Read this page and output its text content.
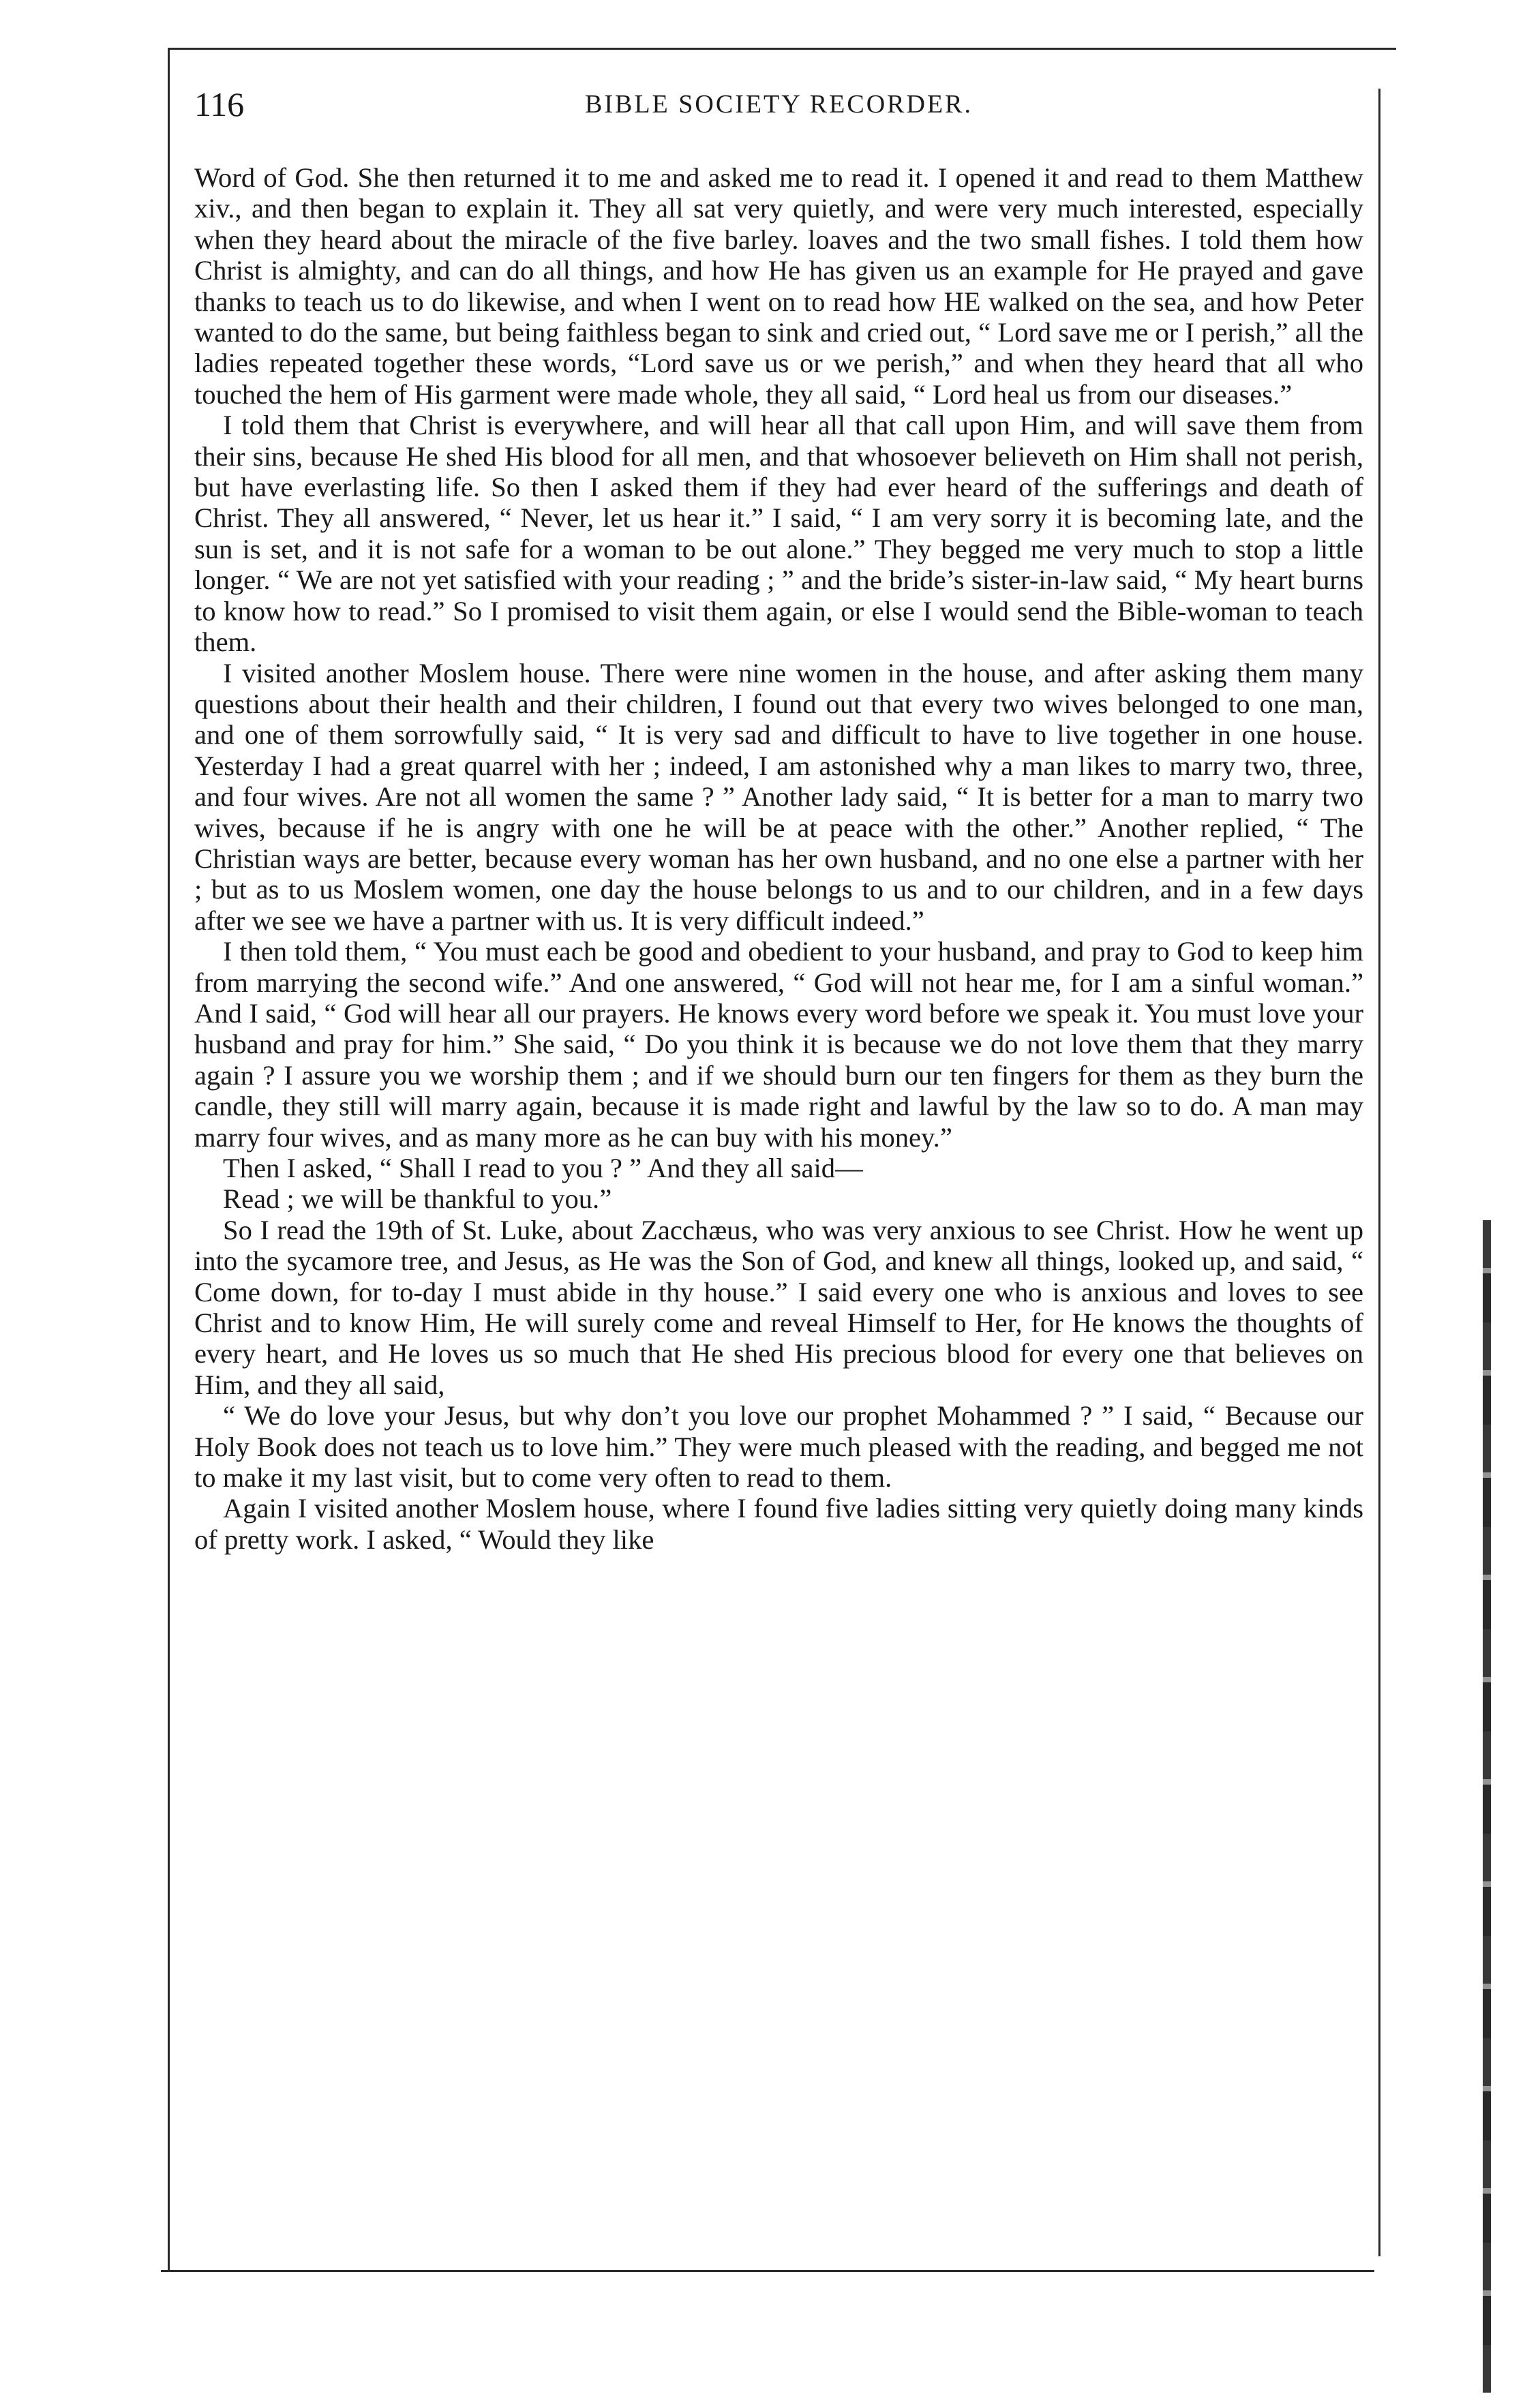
116	BIBLE SOCIETY RECORDER.

Word of God. She then returned it to me and asked me to read it. I opened it and read to them Matthew xiv., and then began to explain it. They all sat very quietly, and were very much interested, especially when they heard about the miracle of the five barley. loaves and the two small fishes. I told them how Christ is almighty, and can do all things, and how He has given us an example for He prayed and gave thanks to teach us to do likewise, and when I went on to read how HE walked on the sea, and how Peter wanted to do the same, but being faithless began to sink and cried out, “ Lord save me or I perish,” all the ladies repeated together these words, “Lord save us or we perish,” and when they heard that all who touched the hem of His garment were made whole, they all said, “ Lord heal us from our diseases.”

I told them that Christ is everywhere, and will hear all that call upon Him, and will save them from their sins, because He shed His blood for all men, and that whosoever believeth on Him shall not perish, but have everlasting life. So then I asked them if they had ever heard of the sufferings and death of Christ. They all answered, “ Never, let us hear it.” I said, “ I am very sorry it is becoming late, and the sun is set, and it is not safe for a woman to be out alone.” They begged me very much to stop a little longer. “ We are not yet satisfied with your reading ; ” and the bride’s sister-in-law said, “ My heart burns to know how to read.” So I promised to visit them again, or else I would send the Bible-woman to teach them.

I visited another Moslem house. There were nine women in the house, and after asking them many questions about their health and their children, I found out that every two wives belonged to one man, and one of them sorrowfully said, “ It is very sad and difficult to have to live together in one house. Yesterday I had a great quarrel with her ; indeed, I am astonished why a man likes to marry two, three, and four wives. Are not all women the same ? ” Another lady said, “ It is better for a man to marry two wives, because if he is angry with one he will be at peace with the other.” Another replied, “ The Christian ways are better, because every woman has her own husband, and no one else a partner with her ; but as to us Moslem women, one day the house belongs to us and to our children, and in a few days after we see we have a partner with us. It is very difficult indeed.”

I then told them, “ You must each be good and obedient to your husband, and pray to God to keep him from marrying the second wife.” And one answered, “ God will not hear me, for I am a sinful woman.” And I said, “ God will hear all our prayers. He knows every word before we speak it. You must love your husband and pray for him.” She said, “ Do you think it is because we do not love them that they marry again ? I assure you we worship them ; and if we should burn our ten fingers for them as they burn the candle, they still will marry again, because it is made right and lawful by the law so to do. A man may marry four wives, and as many more as he can buy with his money.”

Then I asked, “ Shall I read to you ? ” And they all said—

Read ; we will be thankful to you.”

So I read the 19th of St. Luke, about Zacchæus, who was very anxious to see Christ. How he went up into the sycamore tree, and Jesus, as He was the Son of God, and knew all things, looked up, and said, “ Come down, for to-day I must abide in thy house.” I said every one who is anxious and loves to see Christ and to know Him, He will surely come and reveal Himself to Her, for He knows the thoughts of every heart, and He loves us so much that He shed His precious blood for every one that believes on Him, and they all said,

“ We do love your Jesus, but why don’t you love our prophet Mohammed ? ” I said, “ Because our Holy Book does not teach us to love him.” They were much pleased with the reading, and begged me not to make it my last visit, but to come very often to read to them.

Again I visited another Moslem house, where I found five ladies sitting very quietly doing many kinds of pretty work. I asked, “ Would they like
